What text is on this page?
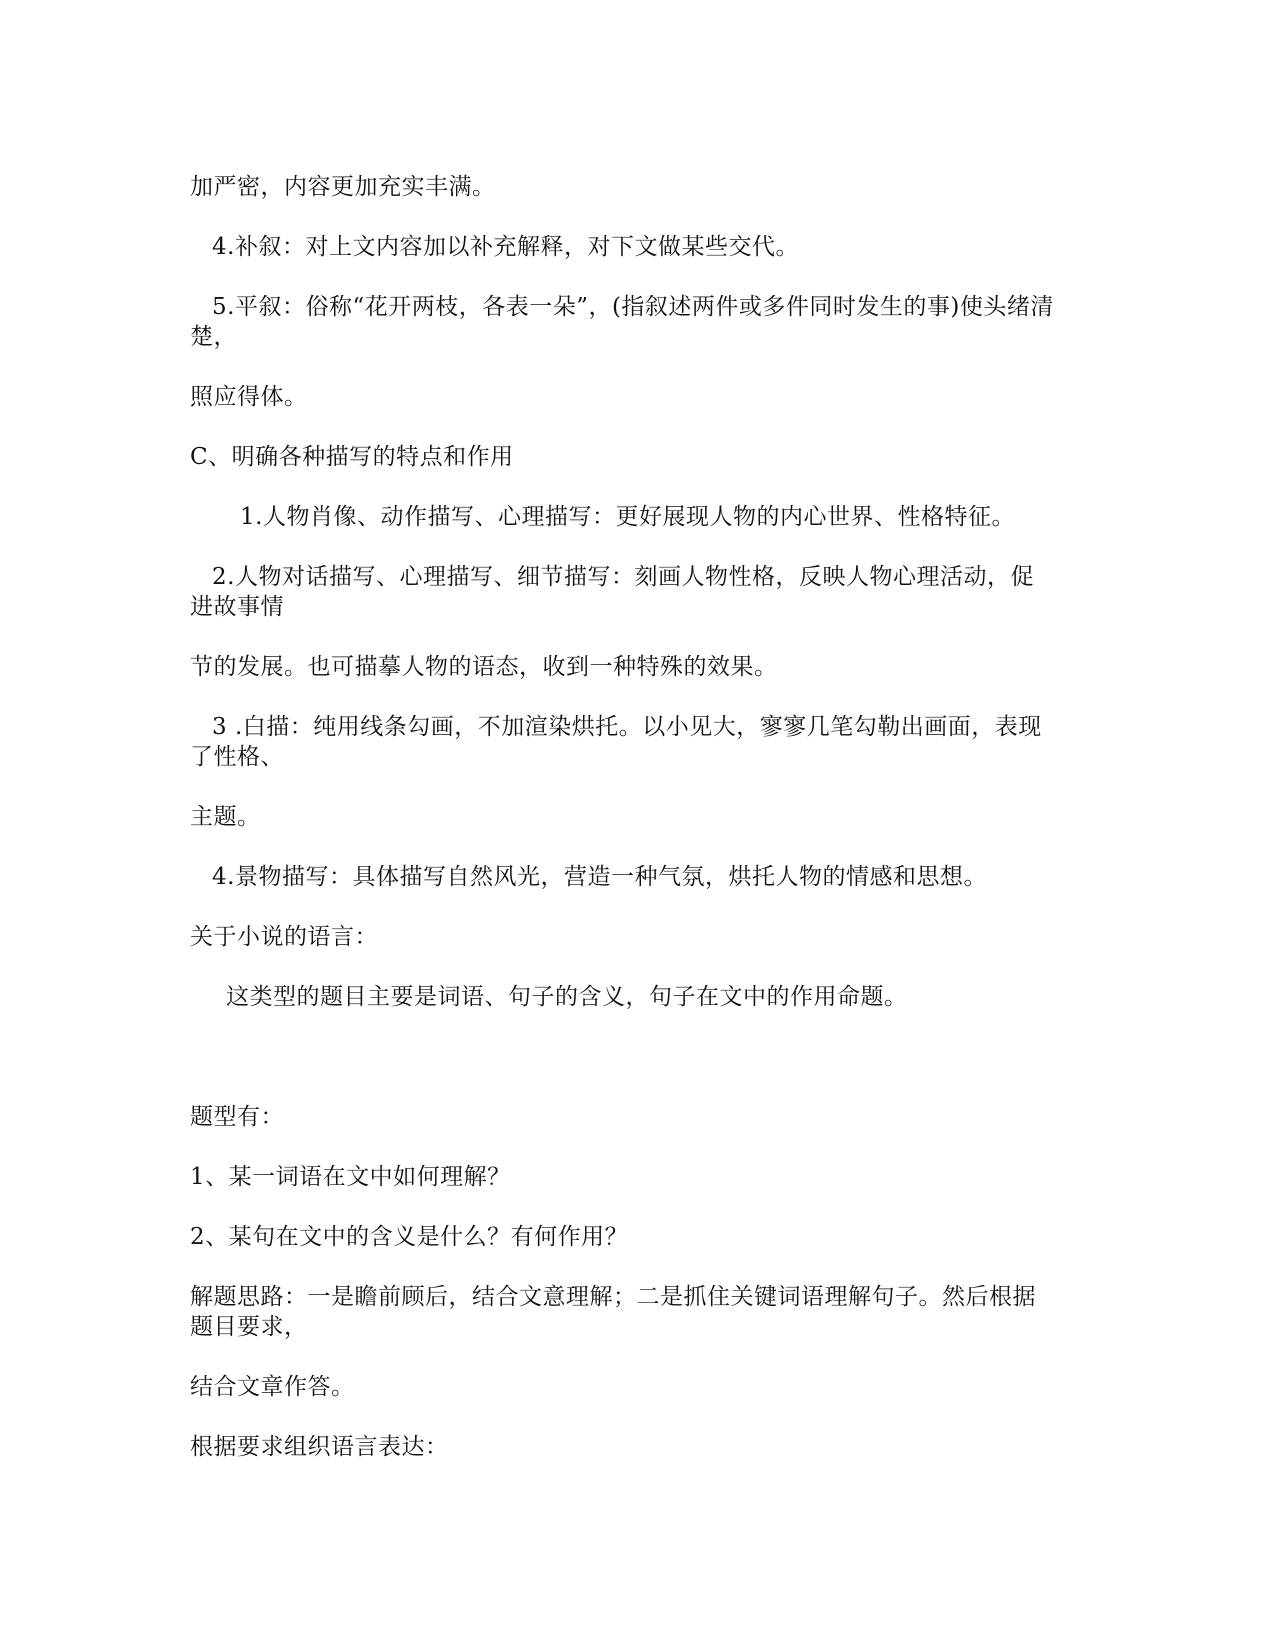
加严密，内容更加充实丰满。
4.补叙：对上文内容加以补充解释，对下文做某些交代。
5.平叙：俗称“花开两枝，各表一朵”，(指叙述两件或多件同时发生的事)使头绪清
楚，
照应得体。
C、明确各种描写的特点和作用
1.人物肖像、动作描写、心理描写：更好展现人物的内心世界、性格特征。
2.人物对话描写、心理描写、细节描写：刻画人物性格，反映人物心理活动，促
进故事情
节的发展。也可描摹人物的语态，收到一种特殊的效果。
3 .白描：纯用线条勾画，不加渲染烘托。以小见大，寥寥几笔勾勒出画面，表现
了性格、
主题。
4.景物描写：具体描写自然风光，营造一种气氛，烘托人物的情感和思想。
关于小说的语言：
这类型的题目主要是词语、句子的含义，句子在文中的作用命题。
题型有：
1、某一词语在文中如何理解？
2、某句在文中的含义是什么？有何作用？
解题思路：一是瞻前顾后，结合文意理解；二是抓住关键词语理解句子。然后根据
题目要求，
结合文章作答。
根据要求组织语言表达：
